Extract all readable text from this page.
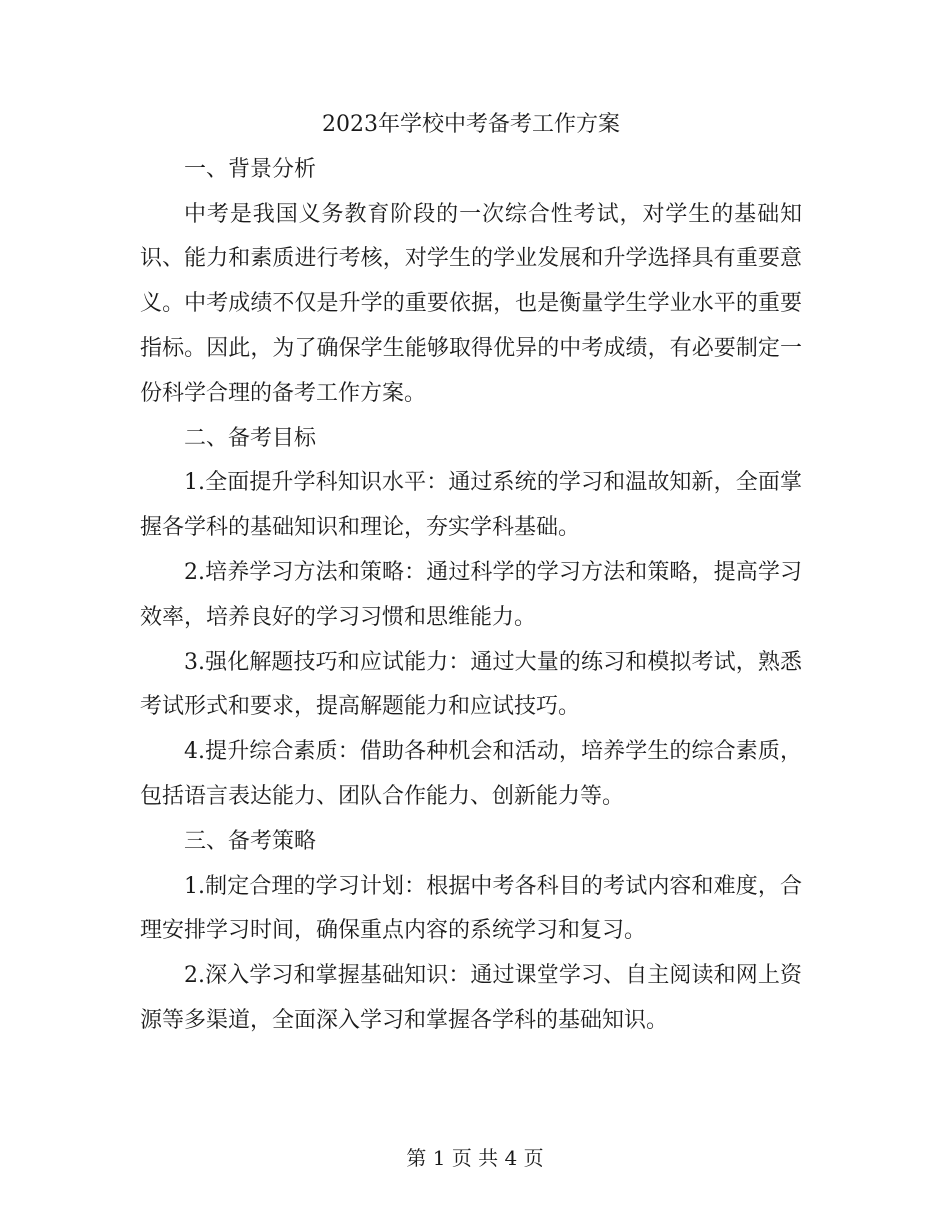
2023年学校中考备考工作方案
一、背景分析

中考是我国义务教育阶段的一次综合性考试，对学生的基础知识、能力和素质进行考核，对学生的学业发展和升学选择具有重要意义。中考成绩不仅是升学的重要依据，也是衡量学生学业水平的重要指标。因此，为了确保学生能够取得优异的中考成绩，有必要制定一份科学合理的备考工作方案。

二、备考目标

1.全面提升学科知识水平：通过系统的学习和温故知新，全面掌握各学科的基础知识和理论，夯实学科基础。

2.培养学习方法和策略：通过科学的学习方法和策略，提高学习效率，培养良好的学习习惯和思维能力。

3.强化解题技巧和应试能力：通过大量的练习和模拟考试，熟悉考试形式和要求，提高解题能力和应试技巧。

4.提升综合素质：借助各种机会和活动，培养学生的综合素质，包括语言表达能力、团队合作能力、创新能力等。

三、备考策略

1.制定合理的学习计划：根据中考各科目的考试内容和难度，合理安排学习时间，确保重点内容的系统学习和复习。

2.深入学习和掌握基础知识：通过课堂学习、自主阅读和网上资源等多渠道，全面深入学习和掌握各学科的基础知识。

第 1 页 共 4 页
